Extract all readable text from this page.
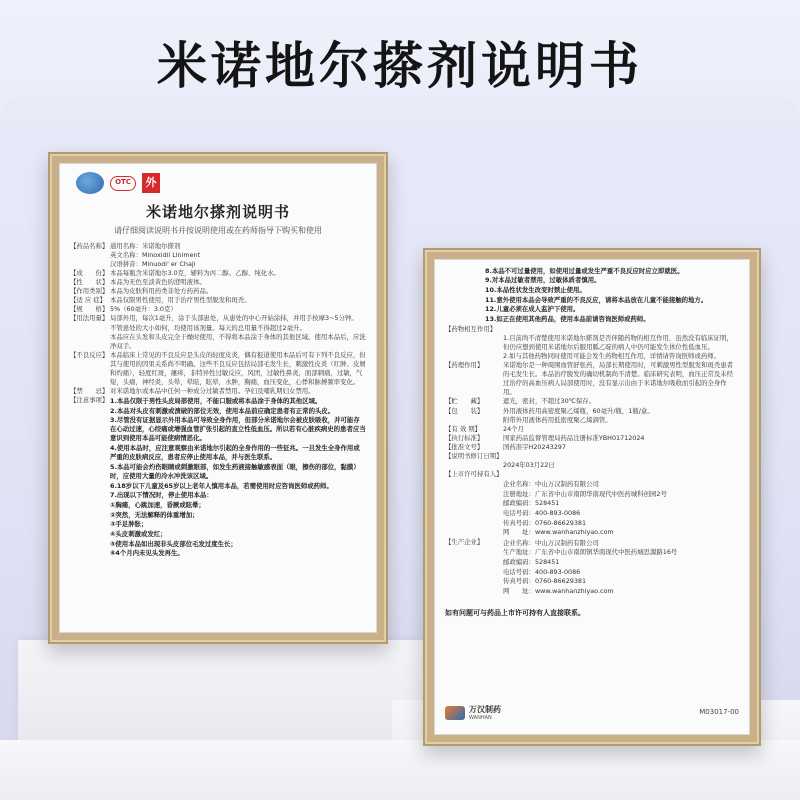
米诺地尔搽剂说明书
OTC	外
米诺地尔搽剂说明书
请仔细阅读说明书并按说明使用或在药师指导下购买和使用
【药品名称】 通用名称：米诺地尔搽剂
英文名称：Minoxidil Liniment
汉语拼音：Minuodi' er Chaji
【成　　份】 本品每瓶含米诺地尔3.0克，辅料为丙二醇、乙醇、纯化水。
【性　　状】 本品为无色至淡黄色的澄明液体。
【作用类别】 本品为皮肤科用药类非处方药药品。
【适 应 症】 本品仅限男性使用，用于治疗男性型脱发和斑秃。
【规　　格】 5%（60毫升：3.0克）
【用法用量】 局部外用，每次1毫升，涂于头部患处，从患处的中心开始涂抹，并用手按摩3~5分钟。
不管患处的大小如何，均使用该剂量。每天的总用量不得超过2毫升。
本品应在头发和头皮完全干燥时使用，不得将本品涂于身体的其他区域。使用本品后，应洗净双手。
【不良反应】 本品临床上常见的不良反应是头皮的轻度皮炎，偶有报道使用本品后可有下列不良反应，但其与使用的因果关系尚不明确。这些不良反应包括局部毛发生长，刺激性皮炎（红肿、皮屑和灼痛），轻度红斑，瘙痒，非特异性过敏反应，风团，过敏性鼻炎，面部刺痛，过敏，气短，头痛，神经炎，头晕，晕眩，眩晕，水肿，胸痛，血压变化，心悸和脉搏频率变化。
【禁　　忌】 对米诺地尔或本品中任何一种成分过敏者禁用。孕妇及哺乳期妇女禁用。
【注意事项】 1.本品仅限于男性头皮局部使用，不能口服或将本品涂于身体的其他区域。
2.本品对头皮有刺激或溃破的部位无效，使用本品前应确定患者有正常的头皮。
3.尽管没有证据显示外用本品可导致全身作用，但部分米诺地尔会被皮肤吸收，并可能存在心动过速，心绞痛或增强血管扩张引起的直立性低血压。所以若有心脏疾病史的患者应当意识到使用本品可能使病情恶化。
4.使用本品时，应注意观察由米诺地尔引起的全身作用的一些征兆。一旦发生全身作用或严重的皮肤病反应，患者应停止使用本品，并与医生联系。
5.本品可能会灼伤眼睛或刺激眼部，如发生药液接触敏感表面（眼，擦伤的部位，黏膜）时，应使用大量的冷水冲洗该区域。
6.18岁以下儿童及65岁以上老年人慎用本品，若需使用时应咨询医师或药师。
7.出现以下情况时，停止使用本品：
①胸痛，心跳加速，昏厥或眩晕；
②突然，无法解释的体重增加；
③手足肿胀；
④头皮刺激或发红；
⑤使用本品如出现非头皮部位毛发过度生长；
⑥4个月内未见头发再生。
8.本品不可过量使用，如使用过量或发生严重不良反应时应立即就医。
9.对本品过敏者禁用，过敏体质者慎用。
10.本品性状发生改变时禁止使用。
11.意外使用本品会导致严重的不良反应，请将本品放在儿童不能接触的地方。
12.儿童必须在成人监护下使用。
13.如正在使用其他药品，使用本品前请咨询医师或药师。
【药物相互作用】
1.目前尚不清楚使用米诺地尔搽剂是否伴随药物的相互作用，虽然没有临床证明，但仍应想到使用米诺地尔后服用胍乙啶的病人中仍可能发生体位性低血压。
2.如与其他药物同时使用可能会发生药物相互作用，详情请咨询医师或药师。
【药理作用】	米诺地尔是一种周围血管舒张药，局部长期使用时，可刺激男性型脱发和斑秃患者的毛发生长。本品治疗脱发的确切机制尚不清楚。临床研究表明，血压正常及未经过治疗的高血压病人局部使用时，没有显示出由于米诺地尔吸收而引起的全身作用。
【贮　　藏】	遮光，密封，不超过30℃保存。
【包　　装】	外用液体药用高密度聚乙烯瓶，60毫升/瓶，1瓶/盒。
附带外用液体药用低密度聚乙烯滴管。
【有 效 期】	24个月
【执行标准】	国家药品监督管理局药品注册标准YBH01712024
【批准文号】	国药准字H20243297
【说明书修订日期】
2024年03月22日
【上市许可持有人】
企业名称：中山万汉制药有限公司
注册地址：广东省中山市南朗华南现代中医药城科创园2号
邮政编码：528451
电话号码：400-893-0086
传真号码：0760-86629381
网　　址：www.wanhanzhiyao.com
【生产企业】	企业名称：中山万汉制药有限公司
生产地址：广东省中山市南朗镇华南现代中医药城思源路16号
邮政编码：528451
电话号码：400-893-0086
传真号码：0760-86629381
网　　址：www.wanhanzhiyao.com
如有问题可与药品上市许可持有人直接联系。
万汉制药
WANHAN
M03017-00
